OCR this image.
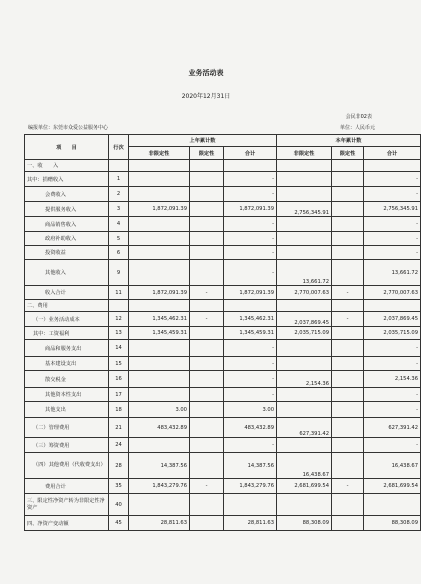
业务活动表
2020年12月31日
会民非02表
编报单位：东莞市众爱公益服务中心	单位：人民币元
项　　目	行次	上年累计数			本年累计数		
		非限定性	限定性	合计	非限定性	限定性	合计
一、收　　入							
其中：捐赠收入	1			-			-
会费收入	2			-			-
提供服务收入	3	1,872,091.39		1,872,091.39	2,756,345.91		2,756,345.91
商品销售收入	4			-			-
政府补助收入	5			-			-
投资收益	6			-			-
其他收入	9			-	13,661.72		13,661.72
收入合计	11	1,872,091.39	-	1,872,091.39	2,770,007.63	-	2,770,007.63
二、费用							
（一）业务活动成本	12	1,345,462.31	-	1,345,462.31	2,037,869.45	-	2,037,869.45
其中：工资福利	13	1,345,459.31		1,345,459.31	2,035,715.09		2,035,715.09
商品和服务支出	14			-			-
基本建设支出	15			-			-
散交税金	16			-	2,154.36		2,154.36
其他资本性支出	17			-			-
其他支出	18	3.00		3.00			-
（二）管理费用	21	483,432.89		483,432.89	627,391.42		627,391.42
（三）筹资费用	24			-			-
（四）其他费用（代收费支出）	28	14,387.56		14,387.56	16,438.67		16,438.67
费用合计	35	1,843,279.76	-	1,843,279.76	2,681,699.54	-	2,681,699.54
三、限定性净资产转为非限定性净资产	40						
四、净资产变动额	45	28,811.63		28,811.63	88,308.09		88,308.09
